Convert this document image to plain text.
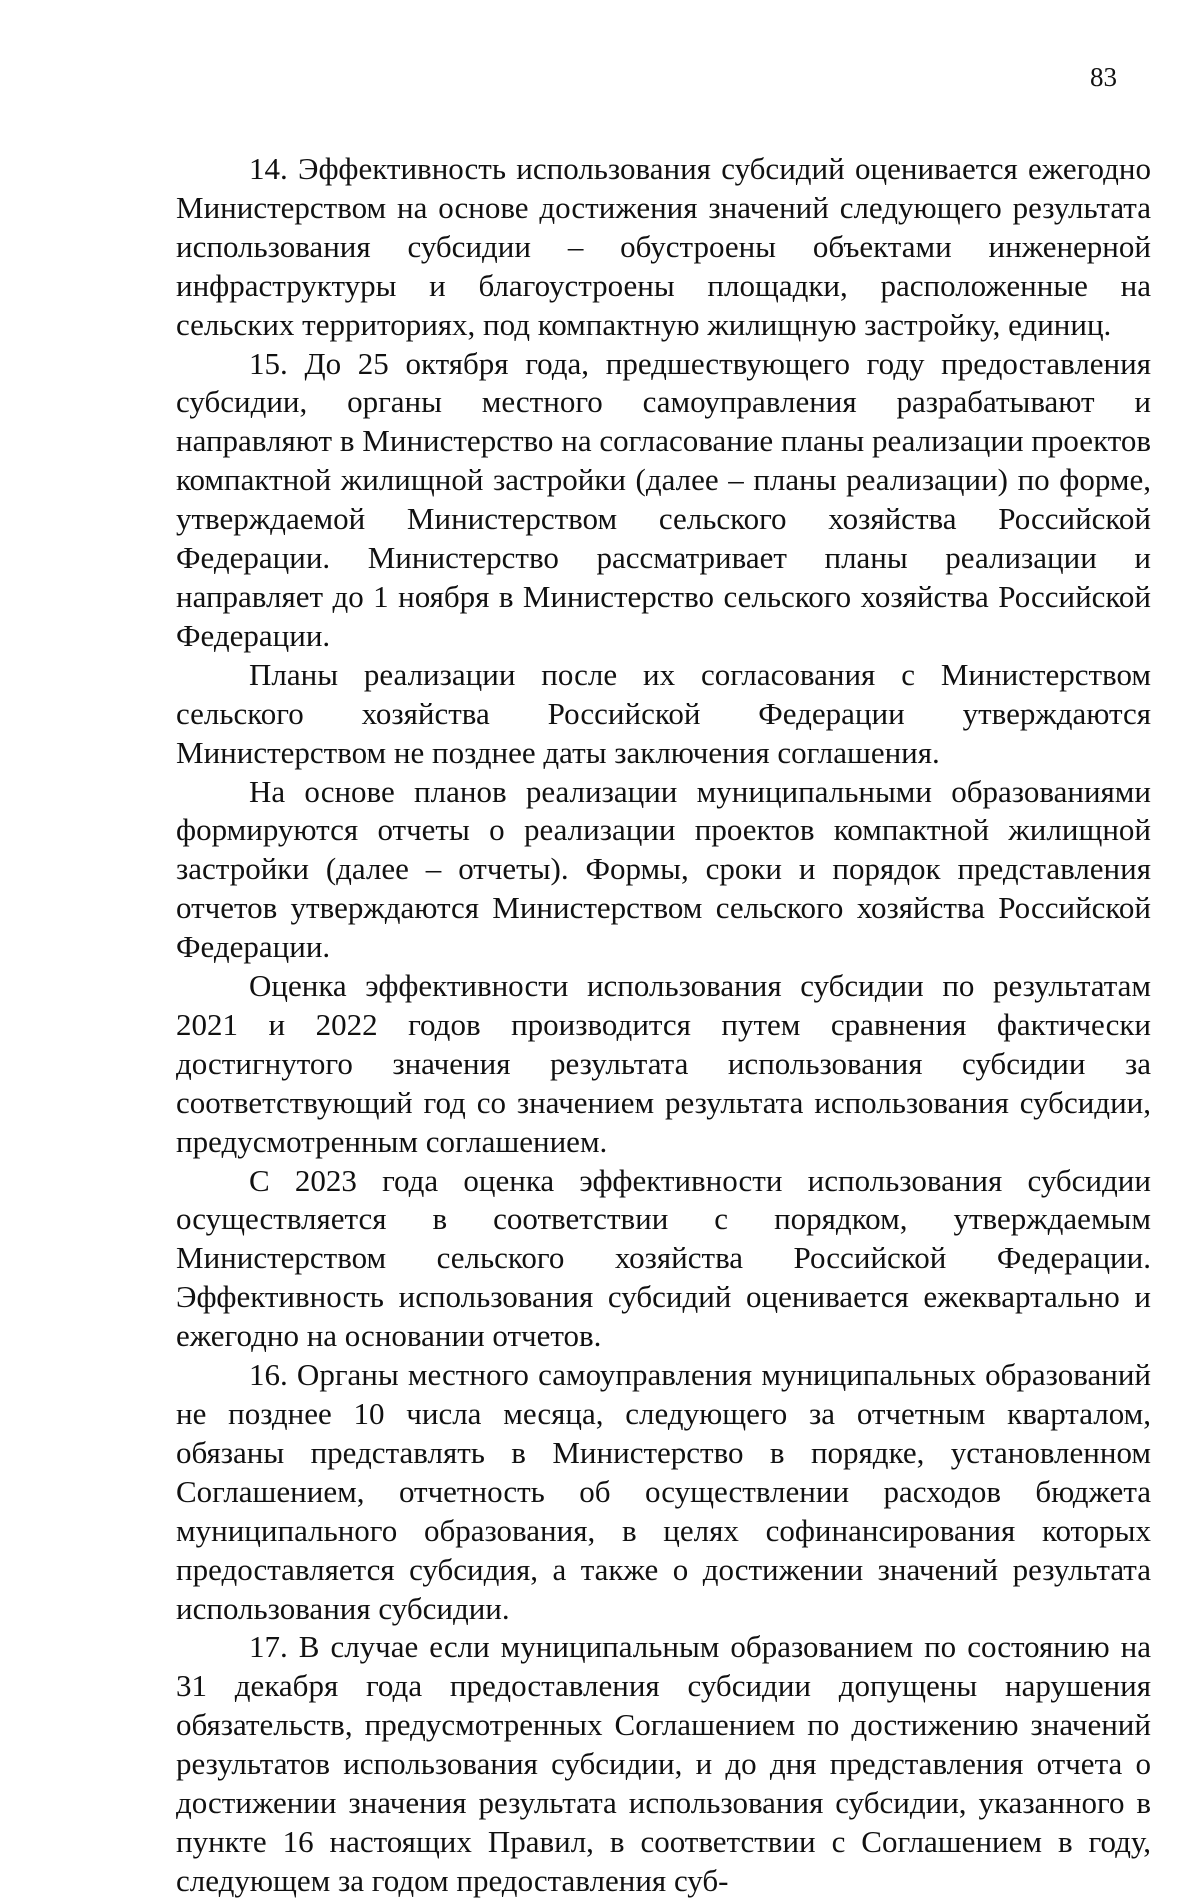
83

14. Эффективность использования субсидий оценивается ежегодно Министерством на основе достижения значений следующего результата использования субсидии – обустроены объектами инженерной инфраструктуры и благоустроены площадки, расположенные на сельских территориях, под компактную жилищную застройку, единиц.

15. До 25 октября года, предшествующего году предоставления субсидии, органы местного самоуправления разрабатывают и направляют в Министерство на согласование планы реализации проектов компактной жилищной застройки (далее – планы реализации) по форме, утверждаемой Министерством сельского хозяйства Российской Федерации. Министерство рассматривает планы реализации и направляет до 1 ноября в Министерство сельского хозяйства Российской Федерации.

Планы реализации после их согласования с Министерством сельского хозяйства Российской Федерации утверждаются Министерством не позднее даты заключения соглашения.

На основе планов реализации муниципальными образованиями формируются отчеты о реализации проектов компактной жилищной застройки (далее – отчеты). Формы, сроки и порядок представления отчетов утверждаются Министерством сельского хозяйства Российской Федерации.

Оценка эффективности использования субсидии по результатам 2021 и 2022 годов производится путем сравнения фактически достигнутого значения результата использования субсидии за соответствующий год со значением результата использования субсидии, предусмотренным соглашением.

С 2023 года оценка эффективности использования субсидии осуществляется в соответствии с порядком, утверждаемым Министерством сельского хозяйства Российской Федерации. Эффективность использования субсидий оценивается ежеквартально и ежегодно на основании отчетов.

16. Органы местного самоуправления муниципальных образований не позднее 10 числа месяца, следующего за отчетным кварталом, обязаны представлять в Министерство в порядке, установленном Соглашением, отчетность об осуществлении расходов бюджета муниципального образования, в целях софинансирования которых предоставляется субсидия, а также о достижении значений результата использования субсидии.

17. В случае если муниципальным образованием по состоянию на 31 декабря года предоставления субсидии допущены нарушения обязательств, предусмотренных Соглашением по достижению значений результатов использования субсидии, и до дня представления отчета о достижении значения результата использования субсидии, указанного в пункте 16 настоящих Правил, в соответствии с Соглашением в году, следующем за годом предоставления суб-
